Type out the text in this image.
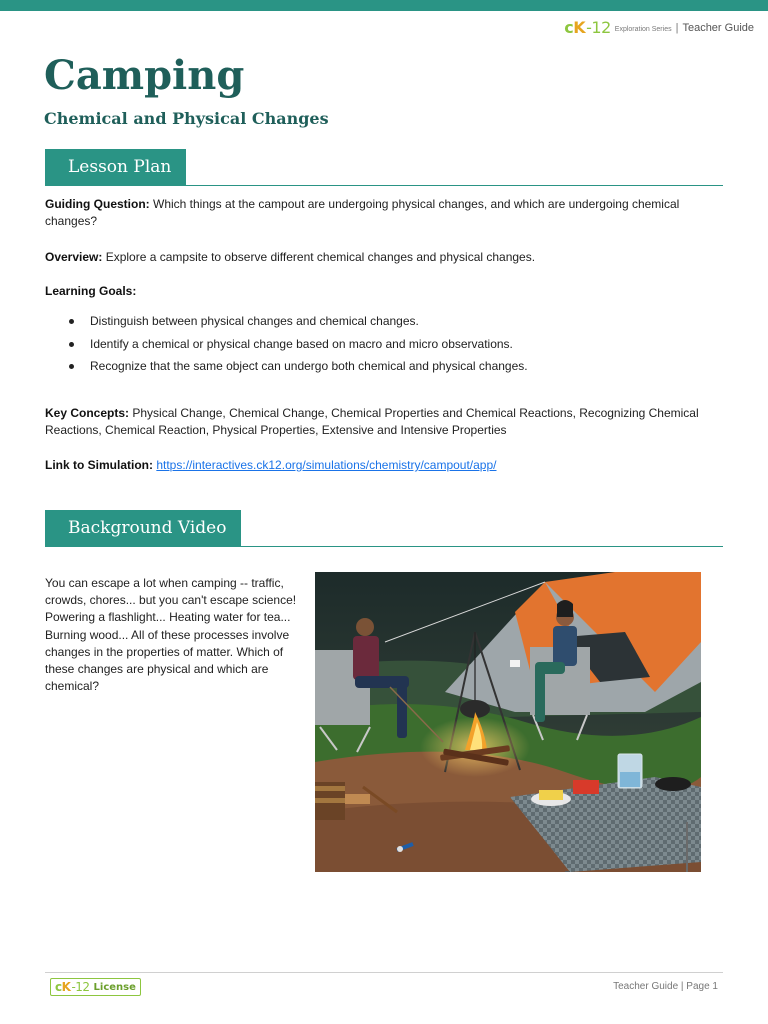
c K -12 Exploration Series | Teacher Guide
Camping
Chemical and Physical Changes
Lesson Plan

Guiding Question: Which things at the campout are undergoing physical changes, and which are undergoing chemical changes?

Overview: Explore a campsite to observe different chemical changes and physical changes.

Learning Goals:

Distinguish between physical changes and chemical changes.
Identify a chemical or physical change based on macro and micro observations.
Recognize that the same object can undergo both chemical and physical changes.

Key Concepts: Physical Change, Chemical Change, Chemical Properties and Chemical Reactions, Recognizing Chemical Reactions, Chemical Reaction, Physical Properties, Extensive and Intensive Properties

Link to Simulation: https://interactives.ck12.org/simulations/chemistry/campout/app/

Background Video

You can escape a lot when camping -- traffic, crowds, chores... but you can't escape science! Powering a flashlight... Heating water for tea... Burning wood... All of these processes involve changes in the properties of matter. Which of these changes are physical and which are chemical?

c K -12 License	Teacher Guide | Page 1
